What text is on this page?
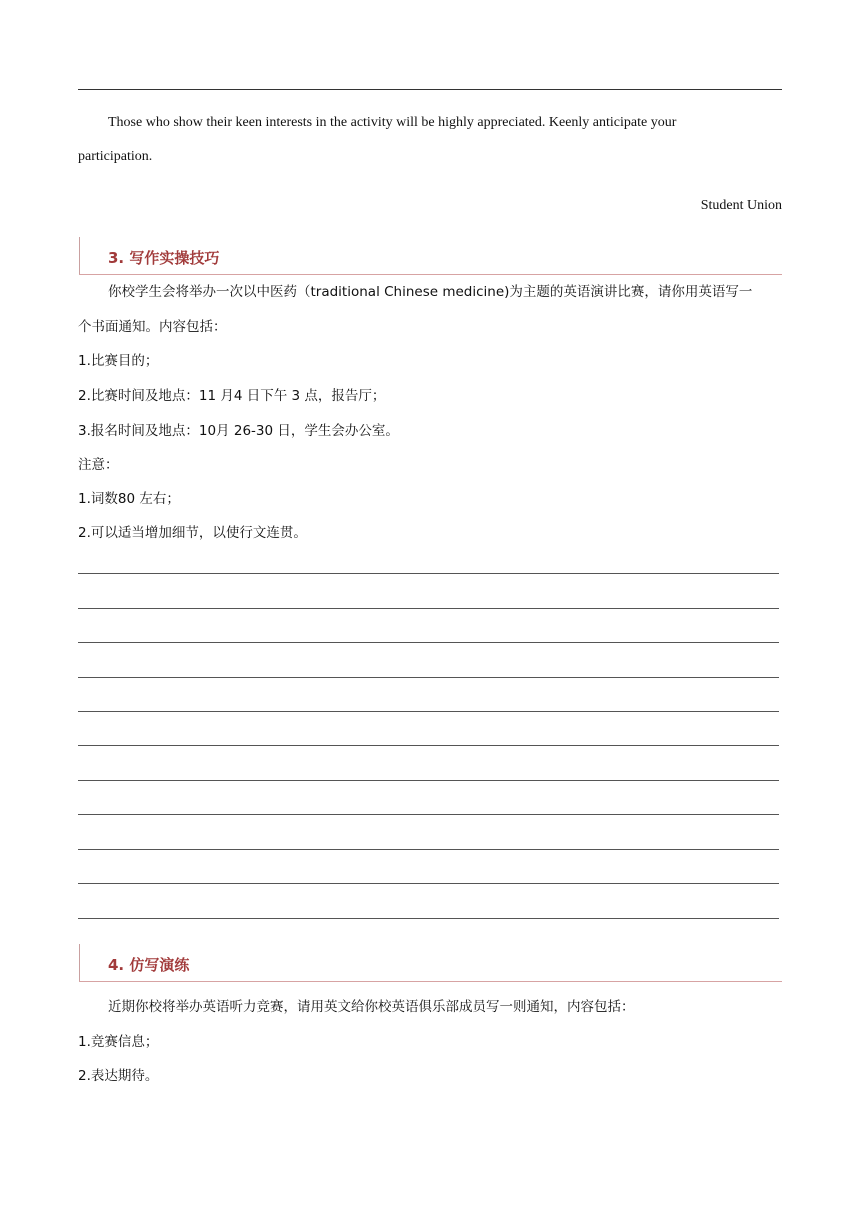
Those who show their keen interests in the activity will be highly appreciated. Keenly anticipate your

participation.

Student Union

3. 写作实操技巧

你校学生会将举办一次以中医药（traditional Chinese medicine)为主题的英语演讲比赛，请你用英语写一

个书面通知。内容包括：

1.比赛目的；

2.比赛时间及地点：11 月4 日下午 3 点，报告厅；

3.报名时间及地点：10月 26-30 日，学生会办公室。

注意：

1.词数80 左右；

2.可以适当增加细节，以使行文连贯。

4. 仿写演练

近期你校将举办英语听力竞赛，请用英文给你校英语俱乐部成员写一则通知，内容包括：

1.竞赛信息；

2.表达期待。
